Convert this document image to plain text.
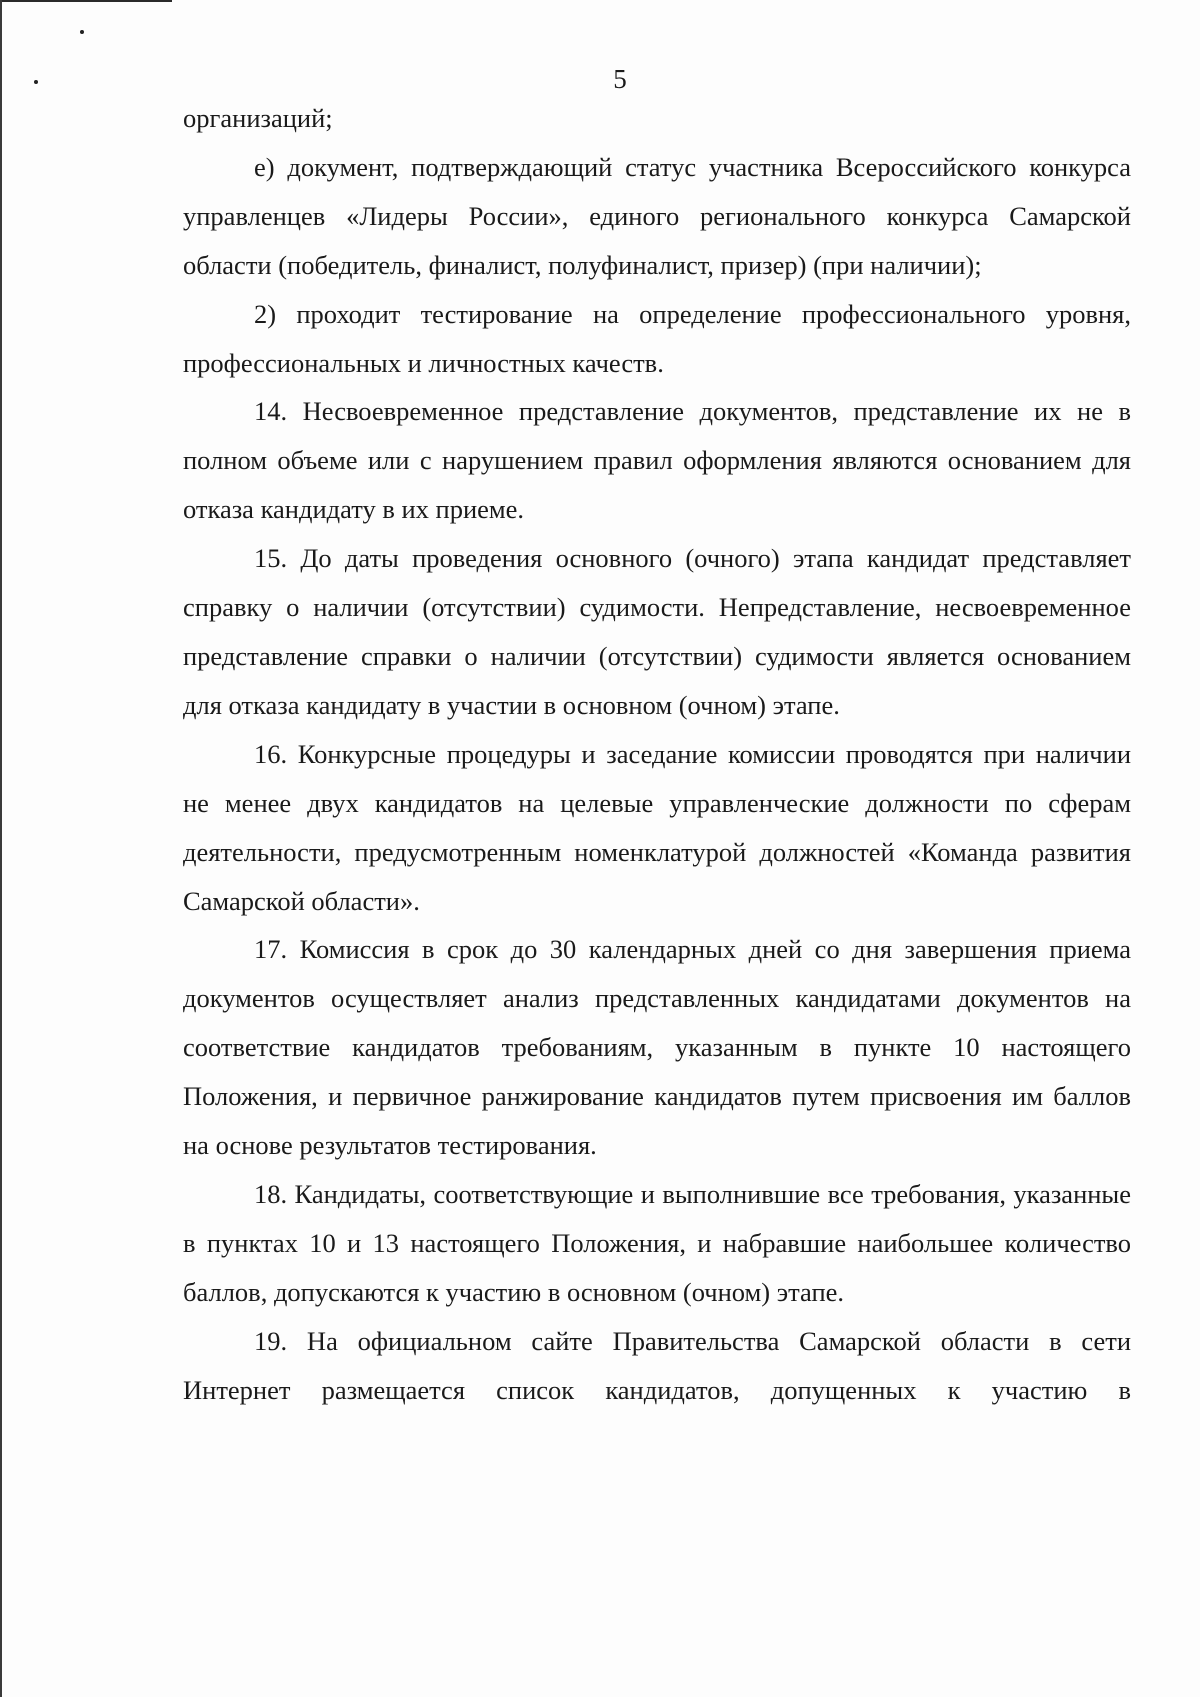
5

организаций;

е) документ, подтверждающий статус участника Всероссийского конкурса управленцев «Лидеры России», единого регионального конкурса Самарской области (победитель, финалист, полуфиналист, призер) (при наличии);

2) проходит тестирование на определение профессионального уровня, профессиональных и личностных качеств.

14. Несвоевременное представление документов, представление их не в полном объеме или с нарушением правил оформления являются основанием для отказа кандидату в их приеме.

15. До даты проведения основного (очного) этапа кандидат представляет справку о наличии (отсутствии) судимости. Непредставление, несвоевременное представление справки о наличии (отсутствии) судимости является основанием для отказа кандидату в участии в основном (очном) этапе.

16. Конкурсные процедуры и заседание комиссии проводятся при наличии не менее двух кандидатов на целевые управленческие должности по сферам деятельности, предусмотренным номенклатурой должностей «Команда развития Самарской области».

17. Комиссия в срок до 30 календарных дней со дня завершения приема документов осуществляет анализ представленных кандидатами документов на соответствие кандидатов требованиям, указанным в пункте 10 настоящего Положения, и первичное ранжирование кандидатов путем присвоения им баллов на основе результатов тестирования.

18. Кандидаты, соответствующие и выполнившие все требования, указанные в пунктах 10 и 13 настоящего Положения, и набравшие наибольшее количество баллов, допускаются к участию в основном (очном) этапе.

19. На официальном сайте Правительства Самарской области в сети Интернет размещается список кандидатов, допущенных к участию в
